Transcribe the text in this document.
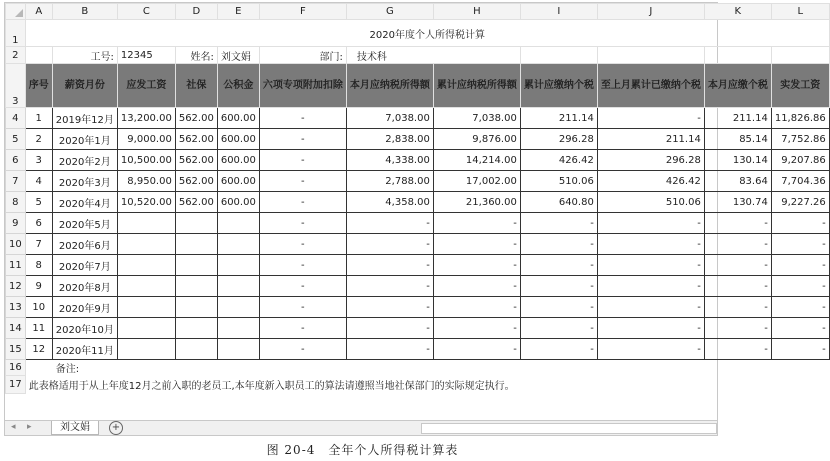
	A	B	C	D	E	F	G	H	I	J	K	L
1	2020年度个人所得税计算											
2		工号:	12345	姓名:	刘文娟	部门:	技术科					
3	序号	薪资月份	应发工资	社保	公积金	六项专项附加扣除	本月应纳税所得额	累计应纳税所得额	累计应缴纳个税	至上月累计已缴纳个税	本月应缴个税	实发工资
4	1	2019年12月	13,200.00	562.00	600.00	-	7,038.00	7,038.00	211.14	-	211.14	11,826.86
5	2	2020年1月	9,000.00	562.00	600.00	-	2,838.00	9,876.00	296.28	211.14	85.14	7,752.86
6	3	2020年2月	10,500.00	562.00	600.00	-	4,338.00	14,214.00	426.42	296.28	130.14	9,207.86
7	4	2020年3月	8,950.00	562.00	600.00	-	2,788.00	17,002.00	510.06	426.42	83.64	7,704.36
8	5	2020年4月	10,520.00	562.00	600.00	-	4,358.00	21,360.00	640.80	510.06	130.74	9,227.26
9	6	2020年5月				-	-	-	-	-	-	-
10	7	2020年6月				-	-	-	-	-	-	-
11	8	2020年7月				-	-	-	-	-	-	-
12	9	2020年8月				-	-	-	-	-	-	-
13	10	2020年9月				-	-	-	-	-	-	-
14	11	2020年10月				-	-	-	-	-	-	-
15	12	2020年11月				-	-	-	-	-	-	-
16	备注:											
17	此表格适用于从上年度12月之前入职的老员工,本年度新入职员工的算法请遵照当地社保部门的实际规定执行。											
◂ ▸	刘文娟	+
图 20-4　全年个人所得税计算表
